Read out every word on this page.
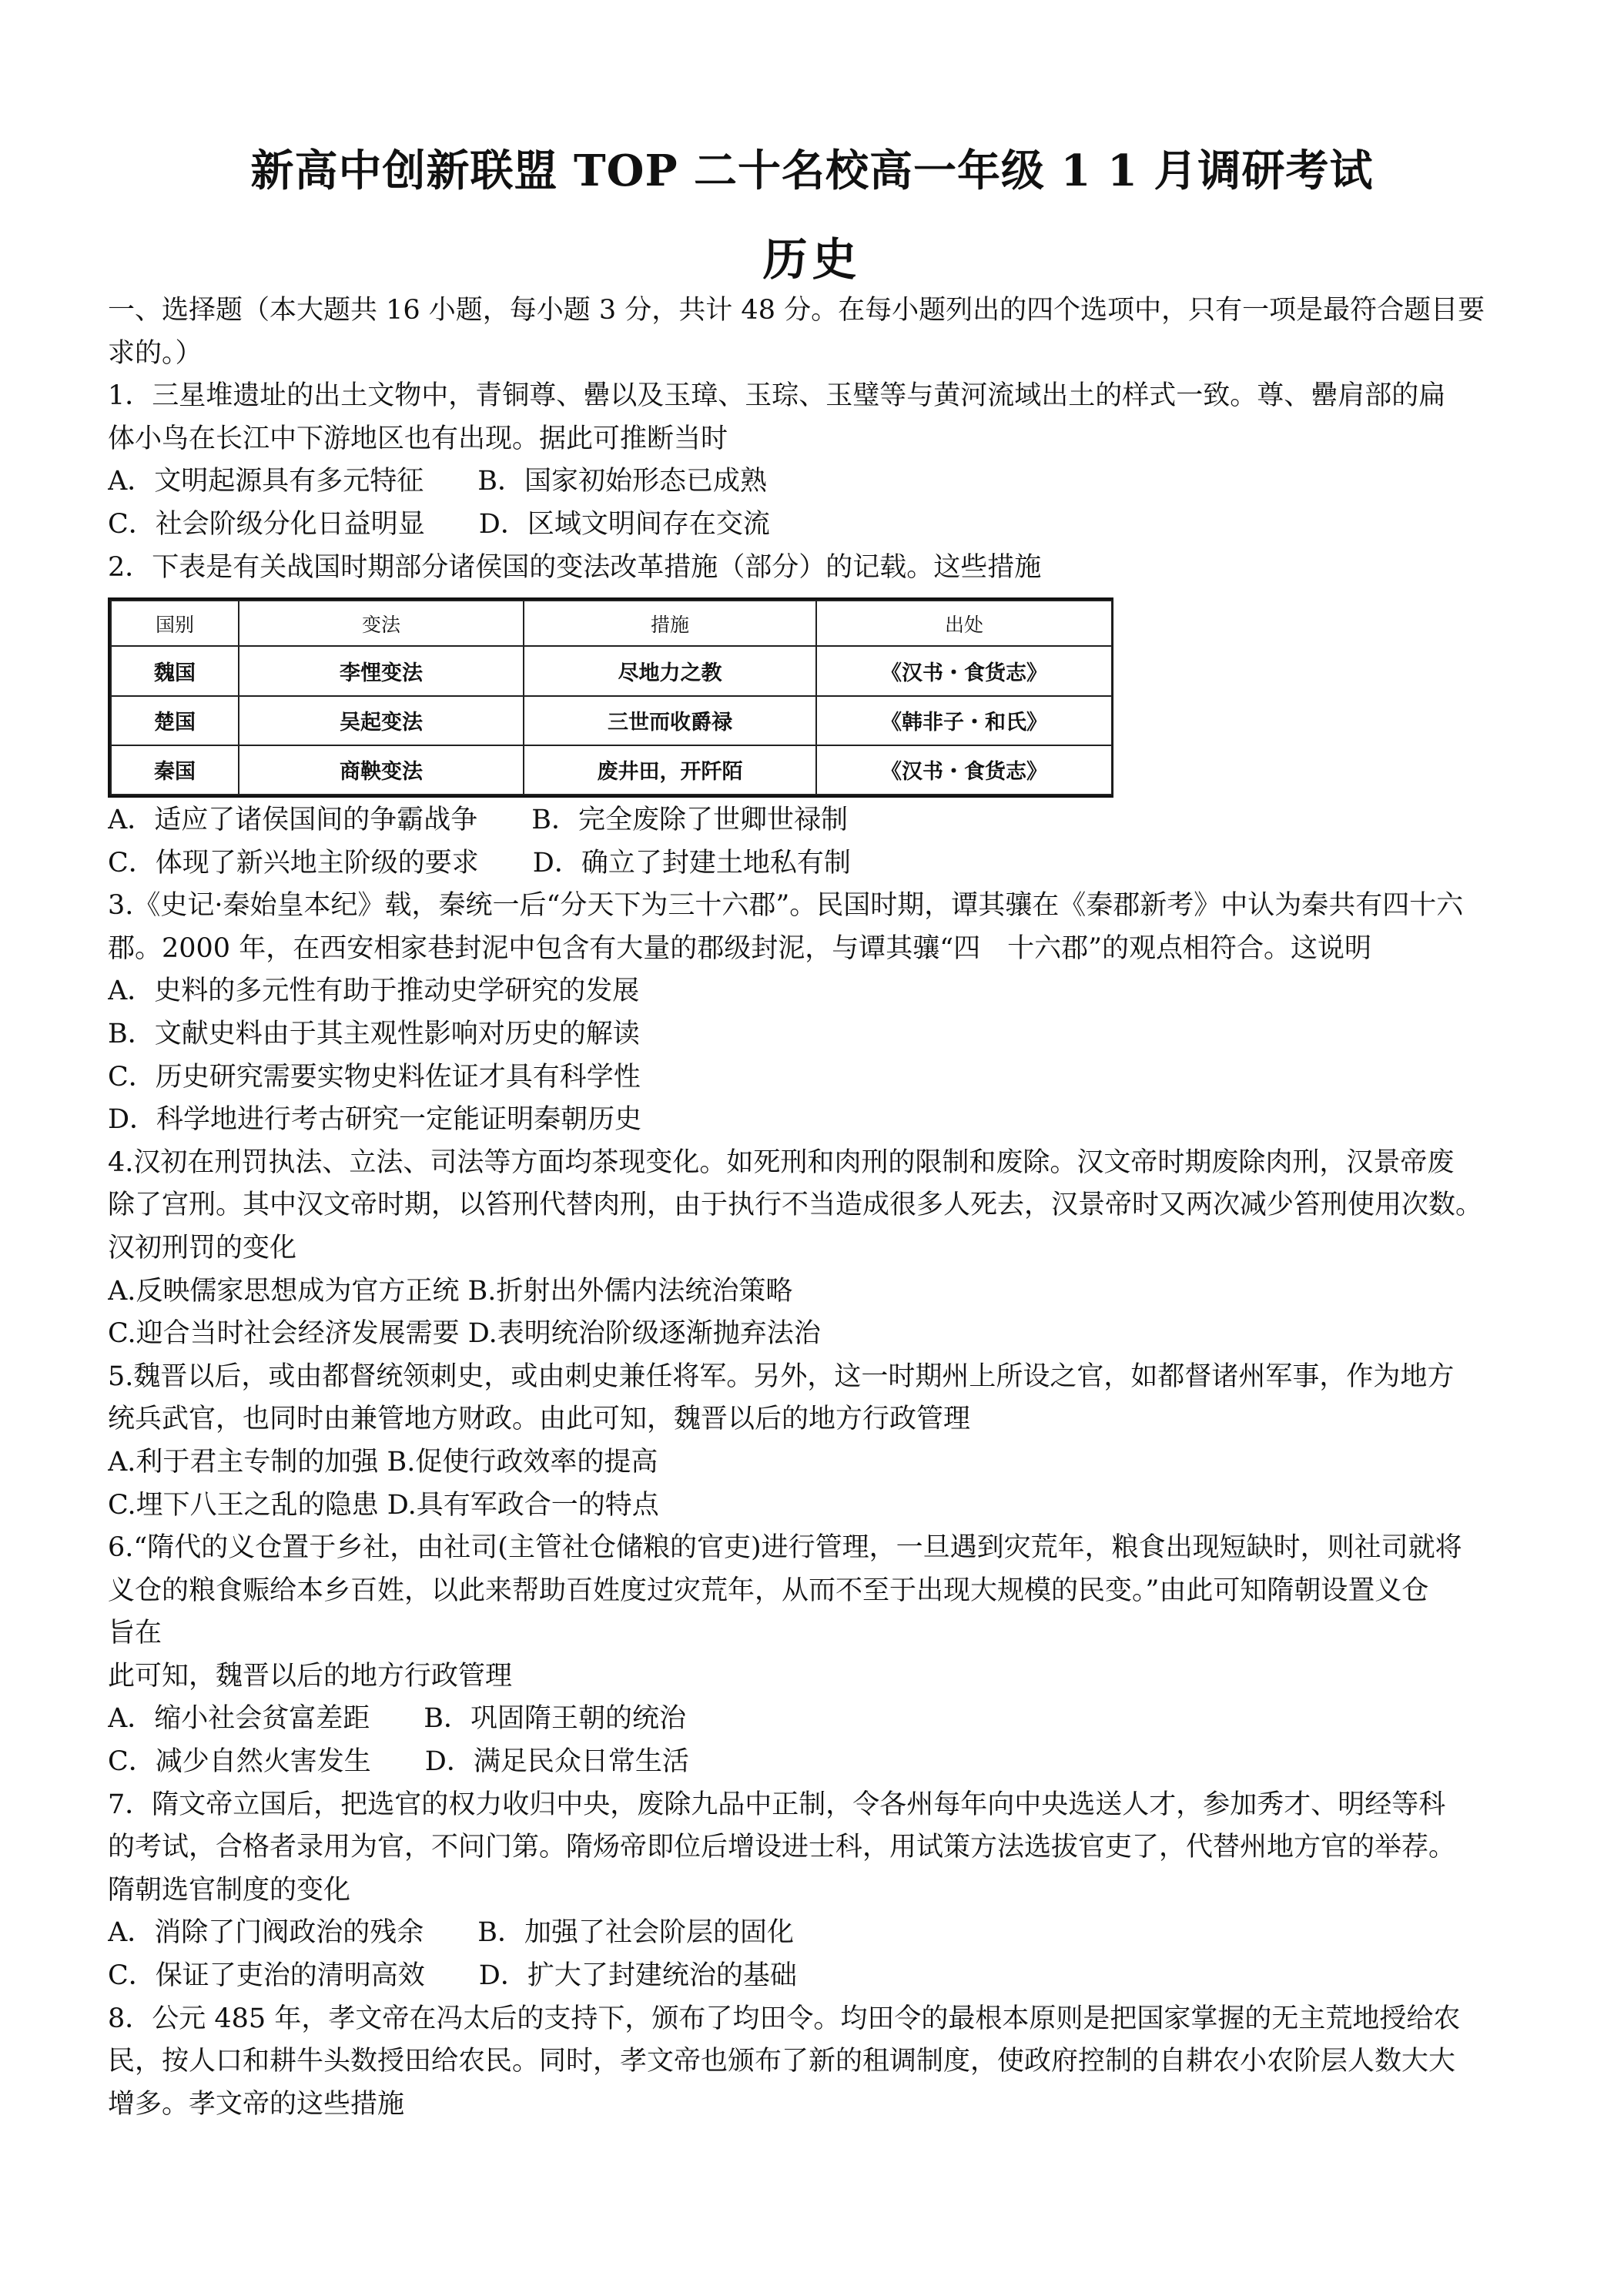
新高中创新联盟 TOP 二十名校高一年级 1 1 月调研考试
历史
一、选择题（本大题共 16 小题，每小题 3 分，共计 48 分。在每小题列出的四个选项中，只有一项是最符合题目要
求的。）
1．三星堆遗址的出土文物中，青铜尊、罍以及玉璋、玉琮、玉璧等与黄河流域出土的样式一致。尊、罍肩部的扁
体小鸟在长江中下游地区也有出现。据此可推断当时
A．文明起源具有多元特征　　B．国家初始形态已成熟
C．社会阶级分化日益明显　　D．区域文明间存在交流
2．下表是有关战国时期部分诸侯国的变法改革措施（部分）的记载。这些措施
国别	变法	措施	出处
魏国	李悝变法	尽地力之教	《汉书・食货志》
楚国	吴起变法	三世而收爵禄	《韩非子・和氏》
秦国	商鞅变法	废井田，开阡陌	《汉书・食货志》
A．适应了诸侯国间的争霸战争　　B．完全废除了世卿世禄制
C．体现了新兴地主阶级的要求　　D．确立了封建土地私有制
3.《史记·秦始皇本纪》载，秦统一后“分天下为三十六郡”。民国时期，谭其骧在《秦郡新考》中认为秦共有四十六
郡。2000 年，在西安相家巷封泥中包含有大量的郡级封泥，与谭其骧“四　十六郡”的观点相符合。这说明
A．史料的多元性有助于推动史学研究的发展
B．文献史料由于其主观性影响对历史的解读
C．历史研究需要实物史料佐证才具有科学性
D．科学地进行考古研究一定能证明秦朝历史
4.汉初在刑罚执法、立法、司法等方面均茶现变化。如死刑和肉刑的限制和废除。汉文帝时期废除肉刑，汉景帝废
除了宫刑。其中汉文帝时期，以笞刑代替肉刑，由于执行不当造成很多人死去，汉景帝时又两次减少笞刑使用次数。
汉初刑罚的变化
A.反映儒家思想成为官方正统 B.折射出外儒内法统治策略
C.迎合当时社会经济发展需要 D.表明统治阶级逐渐抛弃法治
5.魏晋以后，或由都督统领刺史，或由刺史兼任将军。另外，这一时期州上所设之官，如都督诸州军事，作为地方
统兵武官，也同时由兼管地方财政。由此可知，魏晋以后的地方行政管理
A.利于君主专制的加强 B.促使行政效率的提高
C.埋下八王之乱的隐患 D.具有军政合一的特点
6.“隋代的义仓置于乡社，由社司(主管社仓储粮的官吏)进行管理，一旦遇到灾荒年，粮食出现短缺时，则社司就将
义仓的粮食赈给本乡百姓，以此来帮助百姓度过灾荒年，从而不至于出现大规模的民变。”由此可知隋朝设置义仓
旨在
此可知，魏晋以后的地方行政管理
A．缩小社会贫富差距　　B．巩固隋王朝的统治
C．减少自然火害发生　　D．满足民众日常生活
7．隋文帝立国后，把选官的权力收归中央，废除九品中正制，令各州每年向中央选送人才，参加秀才、明经等科
的考试，合格者录用为官，不问门第。隋炀帝即位后增设进士科，用试策方法选拔官吏了，代替州地方官的举荐。
隋朝选官制度的变化
A．消除了门阀政治的残余　　B．加强了社会阶层的固化
C．保证了吏治的清明高效　　D．扩大了封建统治的基础
8．公元 485 年，孝文帝在冯太后的支持下，颁布了均田令。均田令的最根本原则是把国家掌握的无主荒地授给农
民，按人口和耕牛头数授田给农民。同时，孝文帝也颁布了新的租调制度，使政府控制的自耕农小农阶层人数大大
增多。孝文帝的这些措施
